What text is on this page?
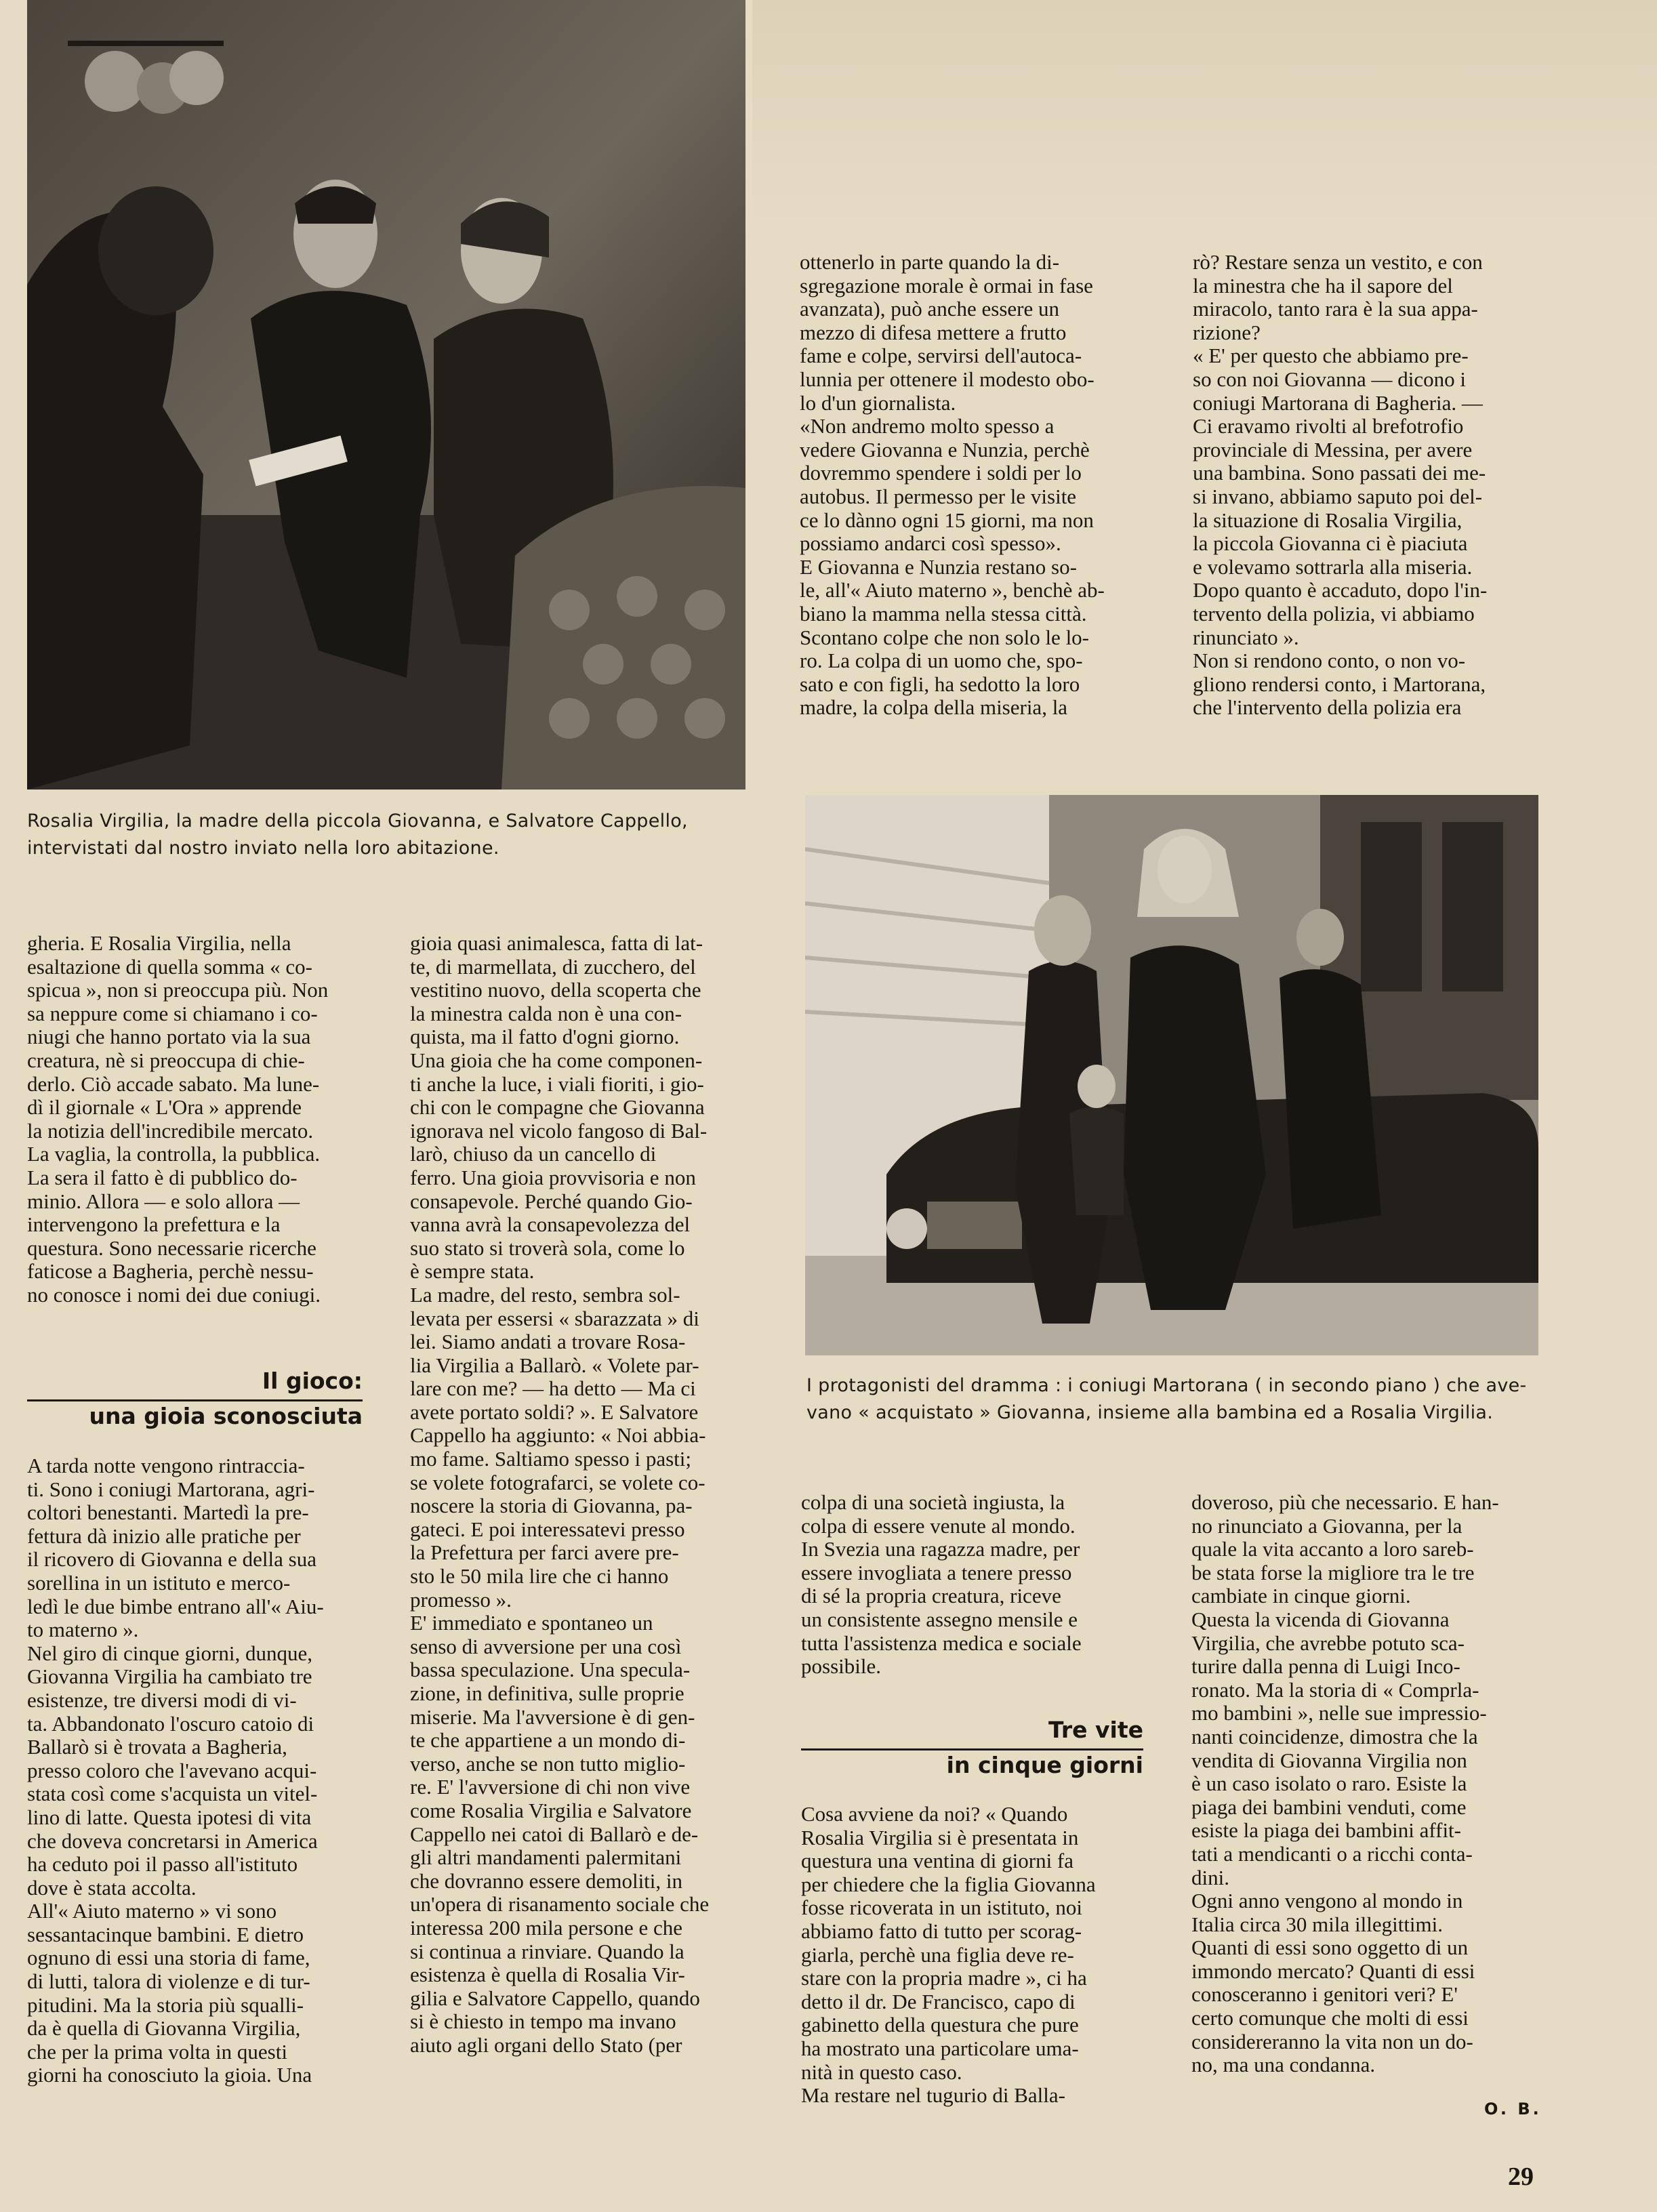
Rosalia Virgilia, la madre della piccola Giovanna, e Salvatore Cappello,
intervistati dal nostro inviato nella loro abitazione.
ottenerlo in parte quando la di-
sgregazione morale è ormai in fase
avanzata), può anche essere un
mezzo di difesa mettere a frutto
fame e colpe, servirsi dell'autoca-
lunnia per ottenere il modesto obo-
lo d'un giornalista.
«Non andremo molto spesso a
vedere Giovanna e Nunzia, perchè
dovremmo spendere i soldi per lo
autobus. Il permesso per le visite
ce lo dànno ogni 15 giorni, ma non
possiamo andarci così spesso».
E Giovanna e Nunzia restano so-
le, all'« Aiuto materno », benchè ab-
biano la mamma nella stessa città.
Scontano colpe che non solo le lo-
ro. La colpa di un uomo che, spo-
sato e con figli, ha sedotto la loro
madre, la colpa della miseria, la
rò? Restare senza un vestito, e con
la minestra che ha il sapore del
miracolo, tanto rara è la sua appa-
rizione?
« E' per questo che abbiamo pre-
so con noi Giovanna — dicono i
coniugi Martorana di Bagheria. —
Ci eravamo rivolti al brefotrofio
provinciale di Messina, per avere
una bambina. Sono passati dei me-
si invano, abbiamo saputo poi del-
la situazione di Rosalia Virgilia,
la piccola Giovanna ci è piaciuta
e volevamo sottrarla alla miseria.
Dopo quanto è accaduto, dopo l'in-
tervento della polizia, vi abbiamo
rinunciato ».
Non si rendono conto, o non vo-
gliono rendersi conto, i Martorana,
che l'intervento della polizia era
I protagonisti del dramma : i coniugi Martorana ( in secondo piano ) che ave-
vano « acquistato » Giovanna, insieme alla bambina ed a Rosalia Virgilia.
gheria. E Rosalia Virgilia, nella
esaltazione di quella somma « co-
spicua », non si preoccupa più. Non
sa neppure come si chiamano i co-
niugi che hanno portato via la sua
creatura, nè si preoccupa di chie-
derlo. Ciò accade sabato. Ma lune-
dì il giornale « L'Ora » apprende
la notizia dell'incredibile mercato.
La vaglia, la controlla, la pubblica.
La sera il fatto è di pubblico do-
minio. Allora — e solo allora —
intervengono la prefettura e la
questura. Sono necessarie ricerche
faticose a Bagheria, perchè nessu-
no conosce i nomi dei due coniugi.
Il gioco:
una gioia sconosciuta
A tarda notte vengono rintraccia-
ti. Sono i coniugi Martorana, agri-
coltori benestanti. Martedì la pre-
fettura dà inizio alle pratiche per
il ricovero di Giovanna e della sua
sorellina in un istituto e merco-
ledì le due bimbe entrano all'« Aiu-
to materno ».
Nel giro di cinque giorni, dunque,
Giovanna Virgilia ha cambiato tre
esistenze, tre diversi modi di vi-
ta. Abbandonato l'oscuro catoio di
Ballarò si è trovata a Bagheria,
presso coloro che l'avevano acqui-
stata così come s'acquista un vitel-
lino di latte. Questa ipotesi di vita
che doveva concretarsi in America
ha ceduto poi il passo all'istituto
dove è stata accolta.
All'« Aiuto materno » vi sono
sessantacinque bambini. E dietro
ognuno di essi una storia di fame,
di lutti, talora di violenze e di tur-
pitudini. Ma la storia più squalli-
da è quella di Giovanna Virgilia,
che per la prima volta in questi
giorni ha conosciuto la gioia. Una
gioia quasi animalesca, fatta di lat-
te, di marmellata, di zucchero, del
vestitino nuovo, della scoperta che
la minestra calda non è una con-
quista, ma il fatto d'ogni giorno.
Una gioia che ha come componen-
ti anche la luce, i viali fioriti, i gio-
chi con le compagne che Giovanna
ignorava nel vicolo fangoso di Bal-
larò, chiuso da un cancello di
ferro. Una gioia provvisoria e non
consapevole. Perché quando Gio-
vanna avrà la consapevolezza del
suo stato si troverà sola, come lo
è sempre stata.
La madre, del resto, sembra sol-
levata per essersi « sbarazzata » di
lei. Siamo andati a trovare Rosa-
lia Virgilia a Ballarò. « Volete par-
lare con me? — ha detto — Ma ci
avete portato soldi? ». E Salvatore
Cappello ha aggiunto: « Noi abbia-
mo fame. Saltiamo spesso i pasti;
se volete fotografarci, se volete co-
noscere la storia di Giovanna, pa-
gateci. E poi interessatevi presso
la Prefettura per farci avere pre-
sto le 50 mila lire che ci hanno
promesso ».
E' immediato e spontaneo un
senso di avversione per una così
bassa speculazione. Una specula-
zione, in definitiva, sulle proprie
miserie. Ma l'avversione è di gen-
te che appartiene a un mondo di-
verso, anche se non tutto miglio-
re. E' l'avversione di chi non vive
come Rosalia Virgilia e Salvatore
Cappello nei catoi di Ballarò e de-
gli altri mandamenti palermitani
che dovranno essere demoliti, in
un'opera di risanamento sociale che
interessa 200 mila persone e che
si continua a rinviare. Quando la
esistenza è quella di Rosalia Vir-
gilia e Salvatore Cappello, quando
si è chiesto in tempo ma invano
aiuto agli organi dello Stato (per
colpa di una società ingiusta, la
colpa di essere venute al mondo.
In Svezia una ragazza madre, per
essere invogliata a tenere presso
di sé la propria creatura, riceve
un consistente assegno mensile e
tutta l'assistenza medica e sociale
possibile.
Tre vite
in cinque giorni
Cosa avviene da noi? « Quando
Rosalia Virgilia si è presentata in
questura una ventina di giorni fa
per chiedere che la figlia Giovanna
fosse ricoverata in un istituto, noi
abbiamo fatto di tutto per scorag-
giarla, perchè una figlia deve re-
stare con la propria madre », ci ha
detto il dr. De Francisco, capo di
gabinetto della questura che pure
ha mostrato una particolare uma-
nità in questo caso.
Ma restare nel tugurio di Balla-
doveroso, più che necessario. E han-
no rinunciato a Giovanna, per la
quale la vita accanto a loro sareb-
be stata forse la migliore tra le tre
cambiate in cinque giorni.
Questa la vicenda di Giovanna
Virgilia, che avrebbe potuto sca-
turire dalla penna di Luigi Inco-
ronato. Ma la storia di « Comprla-
mo bambini », nelle sue impressio-
nanti coincidenze, dimostra che la
vendita di Giovanna Virgilia non
è un caso isolato o raro. Esiste la
piaga dei bambini venduti, come
esiste la piaga dei bambini affit-
tati a mendicanti o a ricchi conta-
dini.
Ogni anno vengono al mondo in
Italia circa 30 mila illegittimi.
Quanti di essi sono oggetto di un
immondo mercato? Quanti di essi
conosceranno i genitori veri? E'
certo comunque che molti di essi
considereranno la vita non un do-
no, ma una condanna.
O. B.
29
